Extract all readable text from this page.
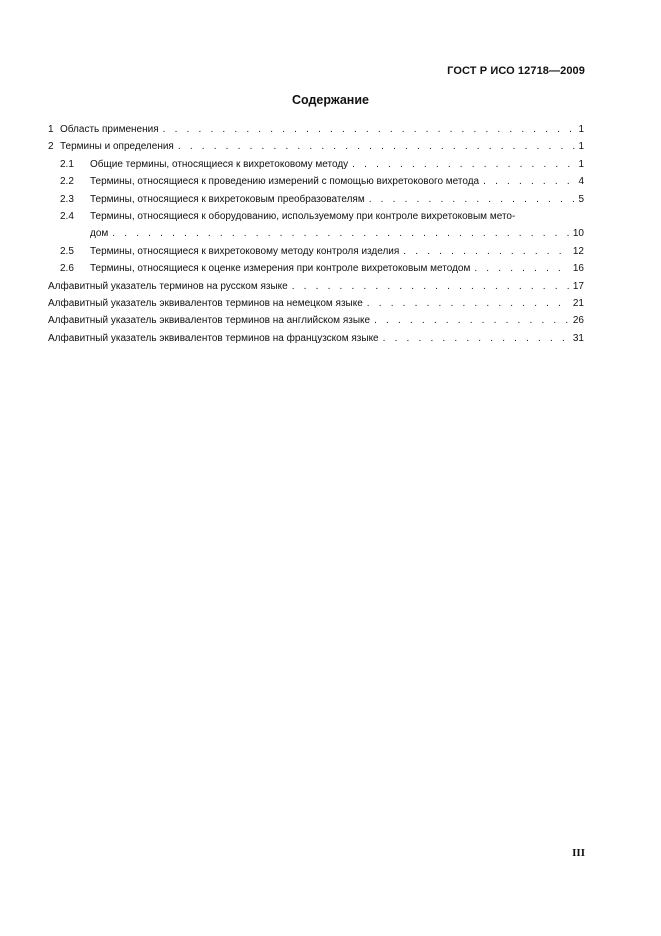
ГОСТ Р ИСО 12718—2009
Содержание
1 Область применения . . .	1
2 Термины и определения . . .	1
2.1	Общие термины, относящиеся к вихретоковому методу . . .	1
2.2	Термины, относящиеся к проведению измерений с помощью вихретокового метода . . .	4
2.3	Термины, относящиеся к вихретоковым преобразователям . . .	5
2.4	Термины, относящиеся к оборудованию, используемому при контроле вихретоковым мето-
дом . . .	10
2.5	Термины, относящиеся к вихретоковому методу контроля изделия . . .	12
2.6	Термины, относящиеся к оценке измерения при контроле вихретоковым методом . . .	16
Алфавитный указатель терминов на русском языке . . .	17
Алфавитный указатель эквивалентов терминов на немецком языке . . .	21
Алфавитный указатель эквивалентов терминов на английском языке . . .	26
Алфавитный указатель эквивалентов терминов на французском языке . . .	31
III
